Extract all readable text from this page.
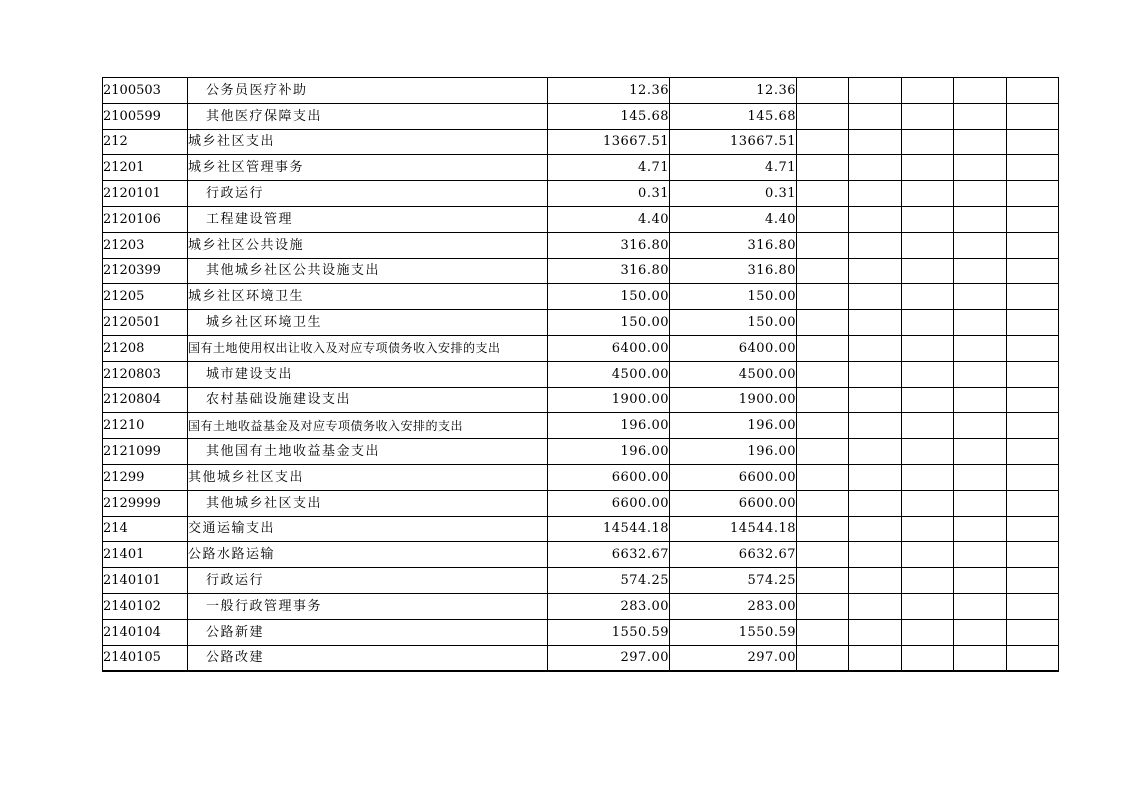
2100503	公务员医疗补助	12.36	12.36					
2100599	其他医疗保障支出	145.68	145.68					
212	城乡社区支出	13667.51	13667.51					
21201	城乡社区管理事务	4.71	4.71					
2120101	行政运行	0.31	0.31					
2120106	工程建设管理	4.40	4.40					
21203	城乡社区公共设施	316.80	316.80					
2120399	其他城乡社区公共设施支出	316.80	316.80					
21205	城乡社区环境卫生	150.00	150.00					
2120501	城乡社区环境卫生	150.00	150.00					
21208	国有土地使用权出让收入及对应专项债务收入安排的支出	6400.00	6400.00					
2120803	城市建设支出	4500.00	4500.00					
2120804	农村基础设施建设支出	1900.00	1900.00					
21210	国有土地收益基金及对应专项债务收入安排的支出	196.00	196.00					
2121099	其他国有土地收益基金支出	196.00	196.00					
21299	其他城乡社区支出	6600.00	6600.00					
2129999	其他城乡社区支出	6600.00	6600.00					
214	交通运输支出	14544.18	14544.18					
21401	公路水路运输	6632.67	6632.67					
2140101	行政运行	574.25	574.25					
2140102	一般行政管理事务	283.00	283.00					
2140104	公路新建	1550.59	1550.59					
2140105	公路改建	297.00	297.00					
